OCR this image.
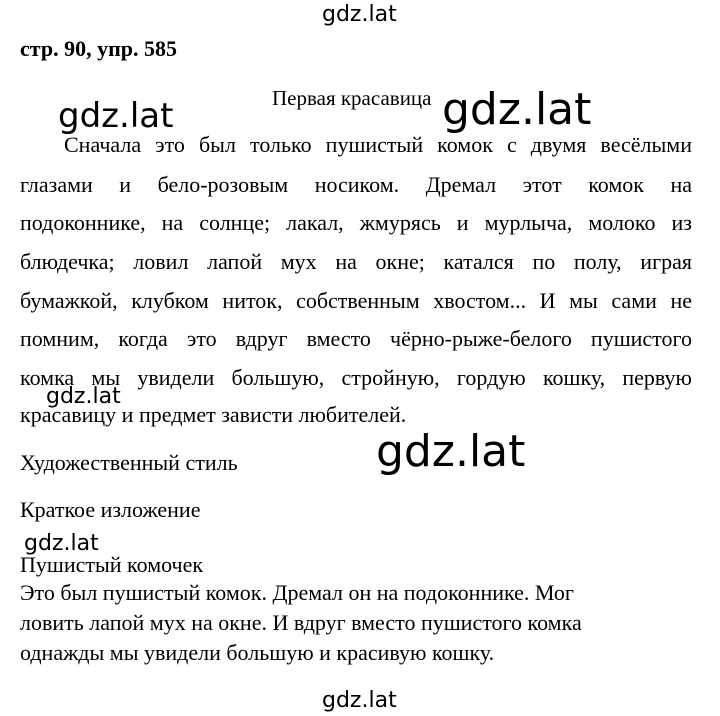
gdz.lat
gdz.lat	gdz.lat
gdz.lat
gdz.lat
gdz.lat
gdz.lat
стр. 90, упр. 585
Первая красавица
Сначала это был только пушистый комок с двумя весёлыми
глазами и бело-розовым носиком. Дремал этот комок на
подоконнике, на солнце; лакал, жмурясь и мурлыча, молоко из
блюдечка; ловил лапой мух на окне; катался по полу, играя
бумажкой, клубком ниток, собственным хвостом... И мы сами не
помним, когда это вдруг вместо чёрно-рыже-белого пушистого
комка мы увидели большую, стройную, гордую кошку, первую
красавицу и предмет зависти любителей.
Художественный стиль
Краткое изложение
Пушистый комочек
Это был пушистый комок. Дремал он на подоконнике. Мог
ловить лапой мух на окне. И вдруг вместо пушистого комка
однажды мы увидели большую и красивую кошку.
